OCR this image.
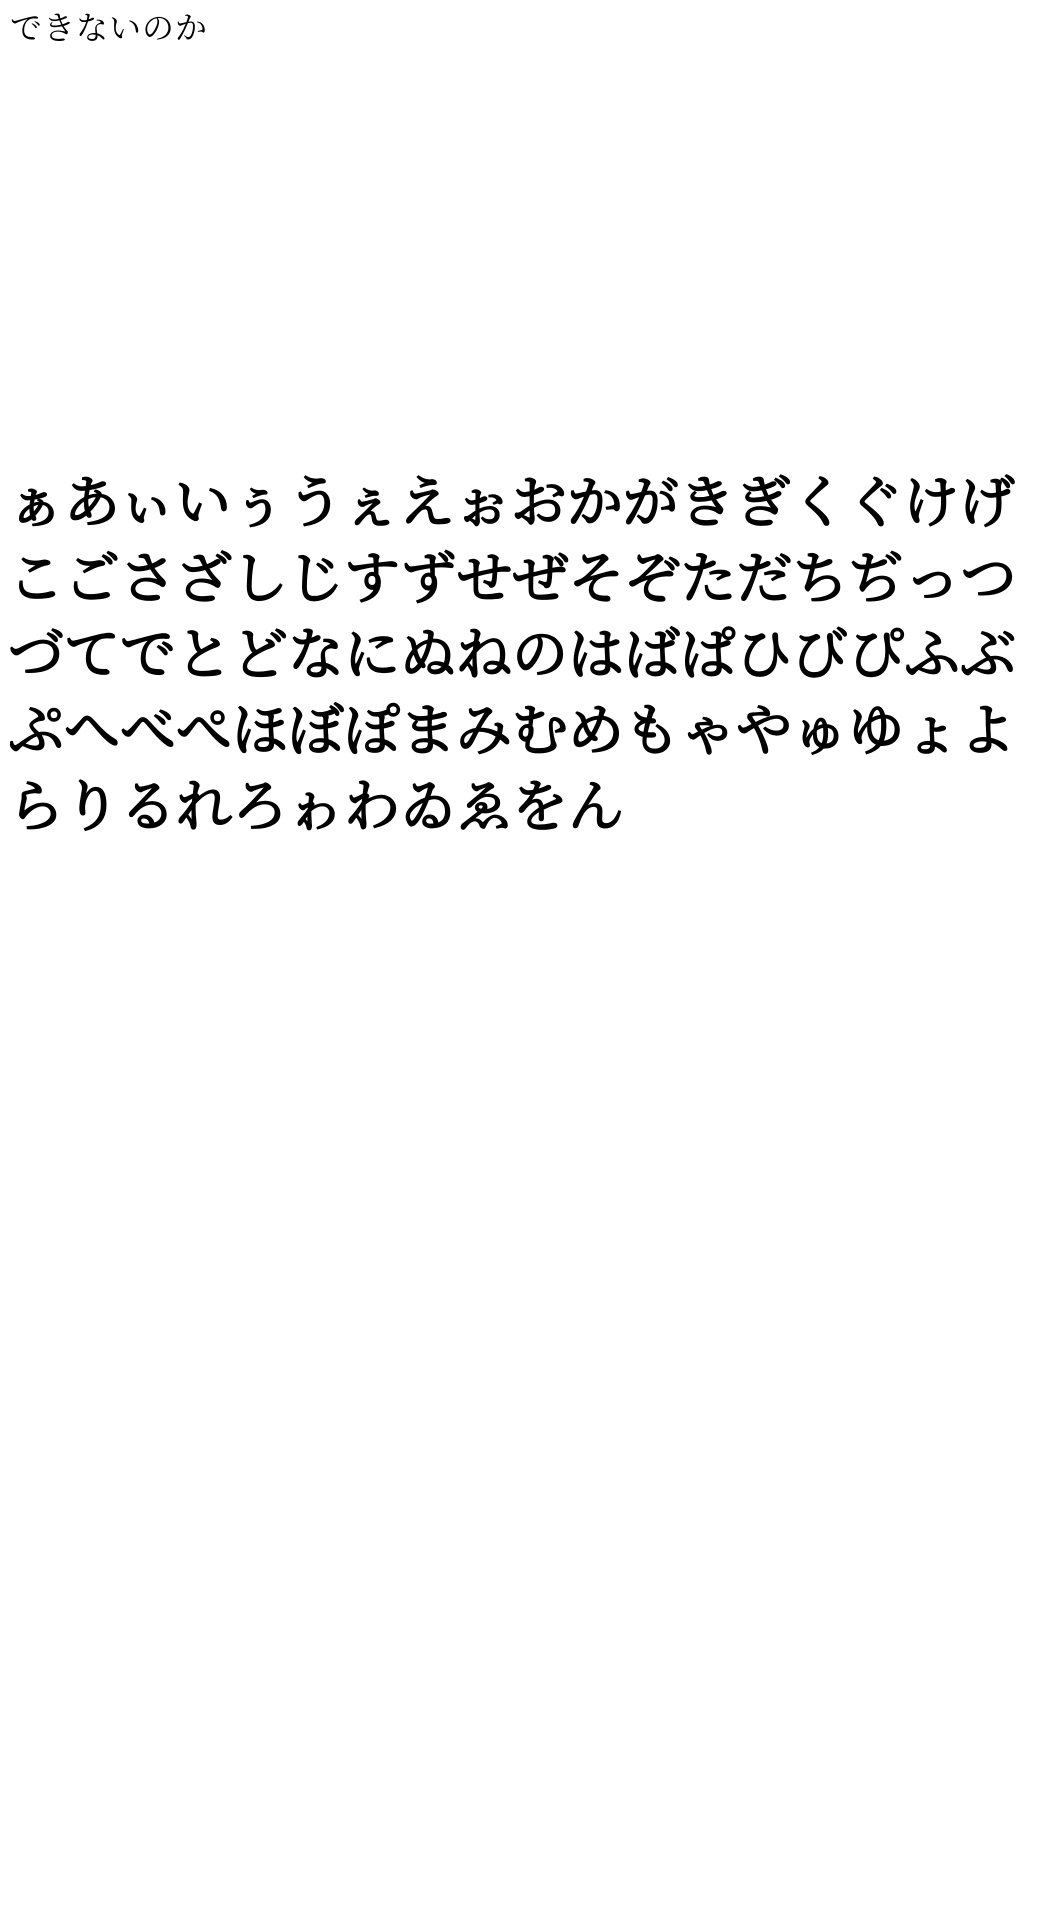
できないのか
ぁあぃいぅうぇえぉおかがきぎくぐけげこごさざしじすずせぜそぞただちぢっつづてでとどなにぬねのはばぱひびぴふぶぷへべぺほぼぽまみむめもゃやゅゆょよらりるれろゎわゐゑをん
